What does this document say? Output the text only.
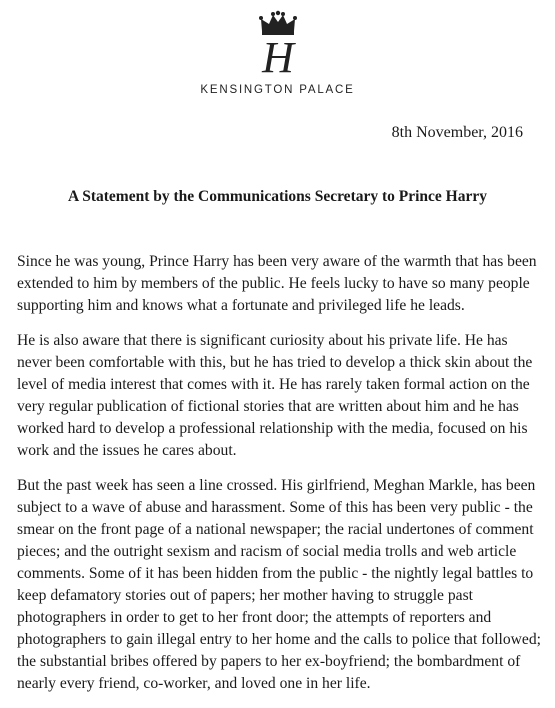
H
KENSINGTON PALACE
8th November, 2016
A Statement by the Communications Secretary to Prince Harry

Since he was young, Prince Harry has been very aware of the warmth that has been extended to him by members of the public. He feels lucky to have so many people supporting him and knows what a fortunate and privileged life he leads.

He is also aware that there is significant curiosity about his private life. He has never been comfortable with this, but he has tried to develop a thick skin about the level of media interest that comes with it. He has rarely taken formal action on the very regular publication of fictional stories that are written about him and he has worked hard to develop a professional relationship with the media, focused on his work and the issues he cares about.

But the past week has seen a line crossed. His girlfriend, Meghan Markle, has been subject to a wave of abuse and harassment. Some of this has been very public - the smear on the front page of a national newspaper; the racial undertones of comment pieces; and the outright sexism and racism of social media trolls and web article comments. Some of it has been hidden from the public - the nightly legal battles to keep defamatory stories out of papers; her mother having to struggle past photographers in order to get to her front door; the attempts of reporters and photographers to gain illegal entry to her home and the calls to police that followed; the substantial bribes offered by papers to her ex-boyfriend; the bombardment of nearly every friend, co-worker, and loved one in her life.
